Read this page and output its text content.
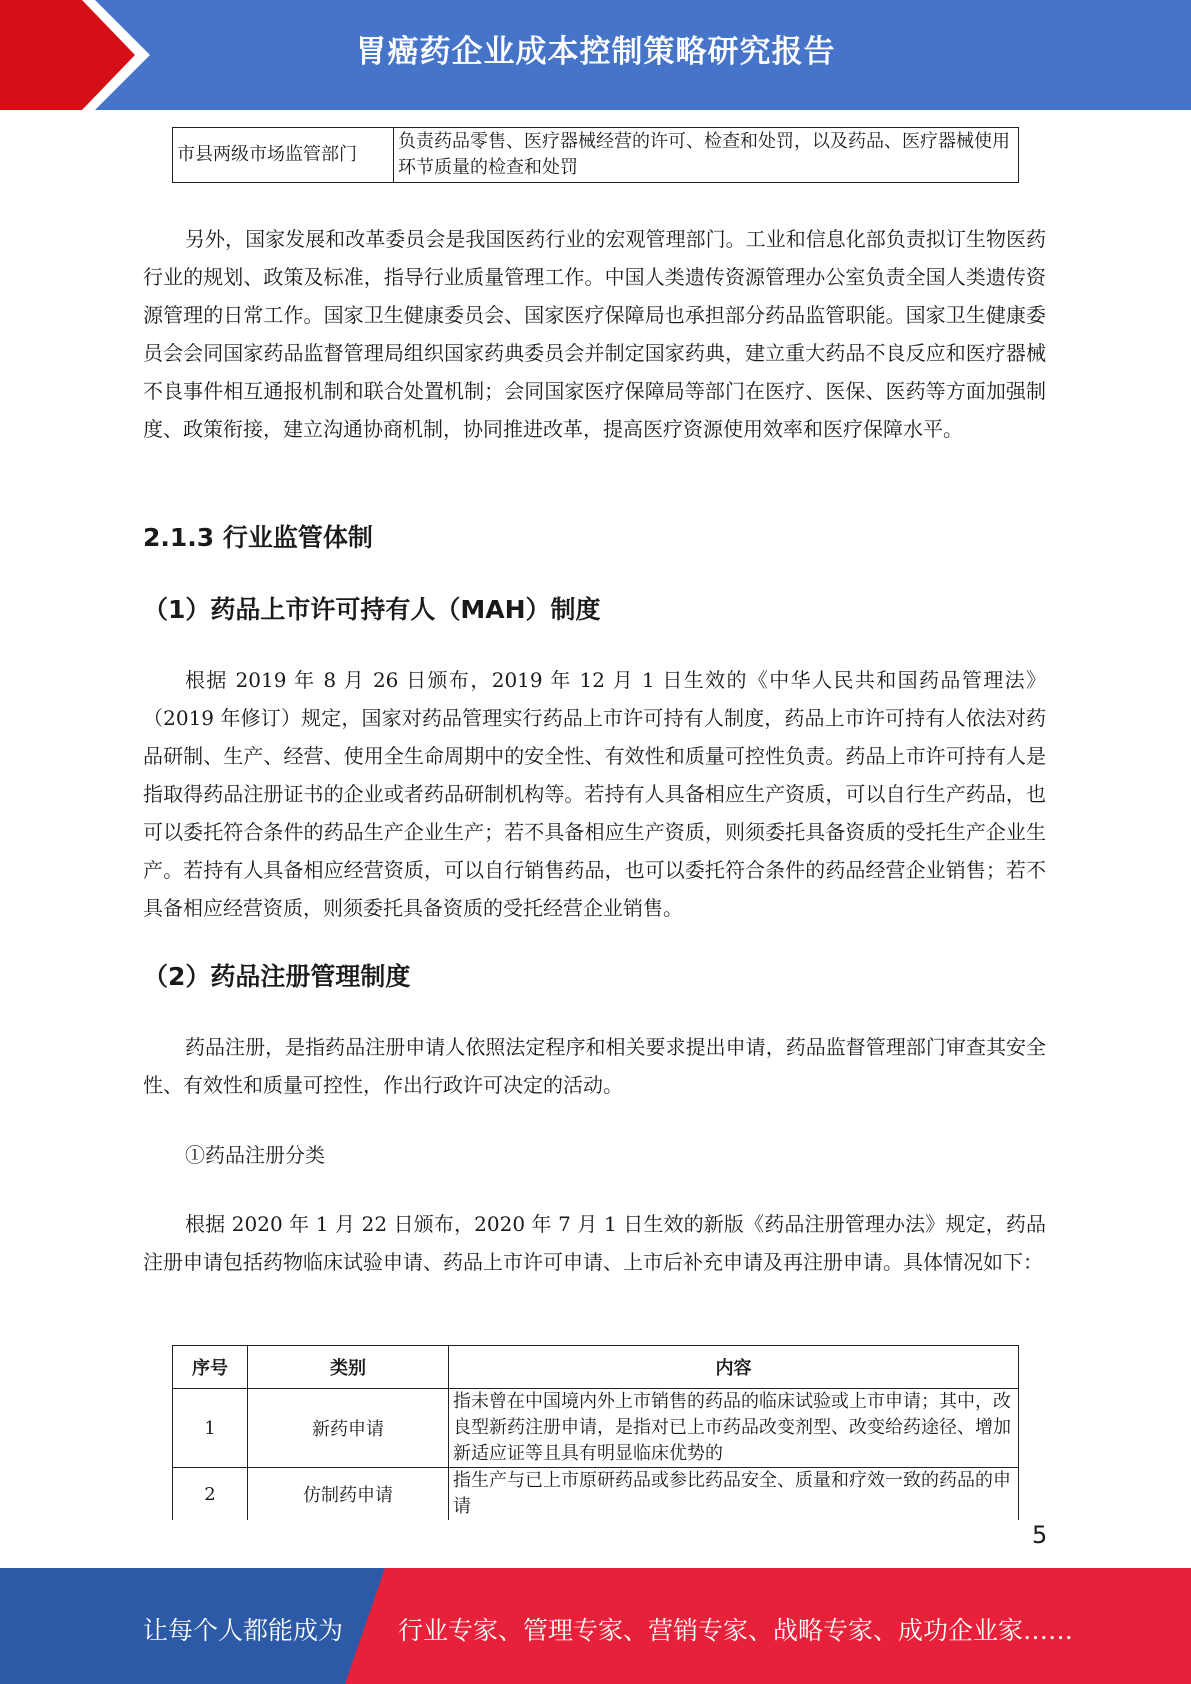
胃癌药企业成本控制策略研究报告
市县两级市场监管部门	负责药品零售、医疗器械经营的许可、检查和处罚，以及药品、医疗器械使用环节质量的检查和处罚

另外，国家发展和改革委员会是我国医药行业的宏观管理部门。工业和信息化部负责拟订生物医药行业的规划、政策及标准，指导行业质量管理工作。中国人类遗传资源管理办公室负责全国人类遗传资源管理的日常工作。国家卫生健康委员会、国家医疗保障局也承担部分药品监管职能。国家卫生健康委员会会同国家药品监督管理局组织国家药典委员会并制定国家药典，建立重大药品不良反应和医疗器械不良事件相互通报机制和联合处置机制；会同国家医疗保障局等部门在医疗、医保、医药等方面加强制度、政策衔接，建立沟通协商机制，协同推进改革，提高医疗资源使用效率和医疗保障水平。

2.1.3 行业监管体制
（1）药品上市许可持有人（MAH）制度

根据 2019 年 8 月 26 日颁布，2019 年 12 月 1 日生效的《中华人民共和国药品管理法》（2019 年修订）规定，国家对药品管理实行药品上市许可持有人制度，药品上市许可持有人依法对药品研制、生产、经营、使用全生命周期中的安全性、有效性和质量可控性负责。药品上市许可持有人是指取得药品注册证书的企业或者药品研制机构等。若持有人具备相应生产资质，可以自行生产药品，也可以委托符合条件的药品生产企业生产；若不具备相应生产资质，则须委托具备资质的受托生产企业生产。若持有人具备相应经营资质，可以自行销售药品，也可以委托符合条件的药品经营企业销售；若不具备相应经营资质，则须委托具备资质的受托经营企业销售。

（2）药品注册管理制度

药品注册，是指药品注册申请人依照法定程序和相关要求提出申请，药品监督管理部门审查其安全性、有效性和质量可控性，作出行政许可决定的活动。

①药品注册分类

根据 2020 年 1 月 22 日颁布，2020 年 7 月 1 日生效的新版《药品注册管理办法》规定，药品注册申请包括药物临床试验申请、药品上市许可申请、上市后补充申请及再注册申请。具体情况如下：

序号	类别	内容
1	新药申请	指未曾在中国境内外上市销售的药品的临床试验或上市申请；其中，改良型新药注册申请，是指对已上市药品改变剂型、改变给药途径、增加新适应证等且具有明显临床优势的
2	仿制药申请	指生产与已上市原研药品或参比药品安全、质量和疗效一致的药品的申请
5
让每个人都能成为 行业专家、管理专家、营销专家、战略专家、成功企业家……
